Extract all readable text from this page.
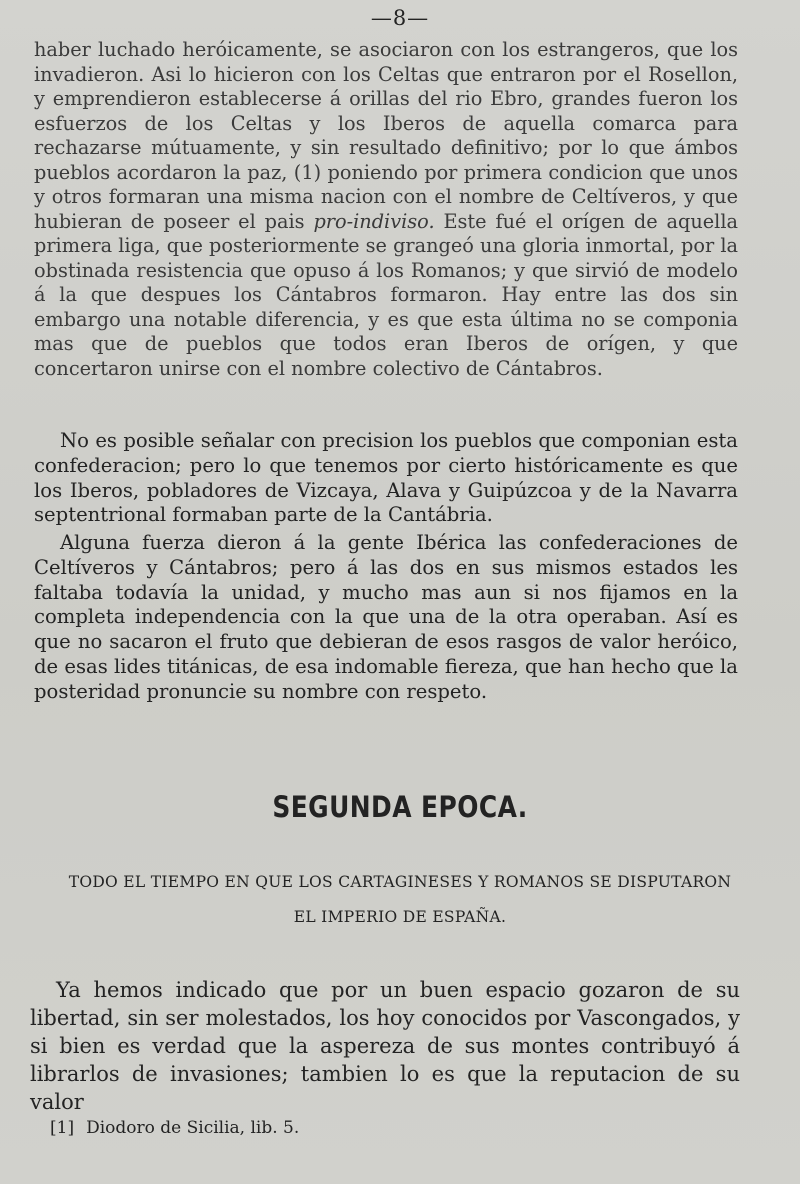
—8—
haber luchado heróicamente, se asociaron con los estrangeros, que los invadieron. Asi lo hicieron con los Celtas que entraron por el Rosellon, y emprendieron establecerse á orillas del rio Ebro, grandes fueron los esfuerzos de los Celtas y los Iberos de aquella comarca para rechazarse mútuamente, y sin resultado definitivo; por lo que ámbos pueblos acordaron la paz, (1) poniendo por primera condicion que unos y otros formaran una misma nacion con el nombre de Celtíveros, y que hubieran de poseer el pais pro-indiviso. Este fué el orígen de aquella primera liga, que posteriormente se grangeó una gloria inmortal, por la obstinada resistencia que opuso á los Romanos; y que sirvió de modelo á la que despues los Cántabros formaron. Hay entre las dos sin embargo una notable diferencia, y es que esta última no se componia mas que de pueblos que todos eran Iberos de orígen, y que concertaron unirse con el nombre colectivo de Cántabros.
No es posible señalar con precision los pueblos que componian esta confederacion; pero lo que tenemos por cierto históricamente es que los Iberos, pobladores de Vizcaya, Alava y Guipúzcoa y de la Navarra septentrional formaban parte de la Cantábria.
Alguna fuerza dieron á la gente Ibérica las confederaciones de Celtíveros y Cántabros; pero á las dos en sus mismos estados les faltaba todavía la unidad, y mucho mas aun si nos fijamos en la completa independencia con la que una de la otra operaban. Así es que no sacaron el fruto que debieran de esos rasgos de valor heróico, de esas lides titánicas, de esa indomable fiereza, que han hecho que la posteridad pronuncie su nombre con respeto.
SEGUNDA EPOCA.
TODO EL TIEMPO EN QUE LOS CARTAGINESES Y ROMANOS SE DISPUTARON
EL IMPERIO DE ESPAÑA.
Ya hemos indicado que por un buen espacio gozaron de su libertad, sin ser molestados, los hoy conocidos por Vascongados, y si bien es verdad que la aspereza de sus montes contribuyó á librarlos de invasiones; tambien lo es que la reputacion de su valor
[1] Diodoro de Sicilia, lib. 5.
